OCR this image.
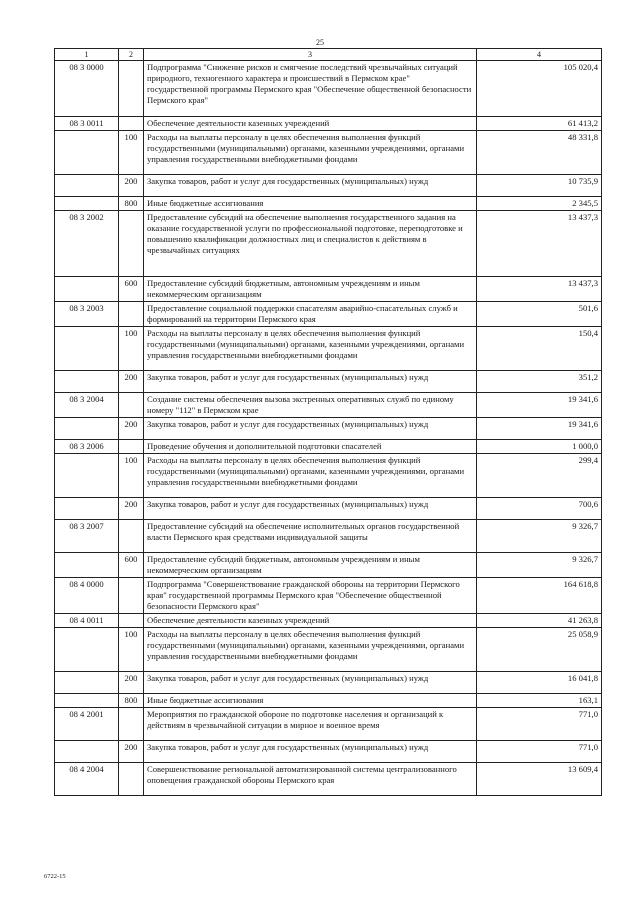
25
1	2	3	4
08 3 0000		Подпрограмма "Снижение рисков и смягчение последствий чрезвычайных ситуаций природного, техногенного характера и происшествий в Пермском крае" государственной программы Пермского края "Обеспечение общественной безопасности Пермского края"	105 020,4
08 3 0011		Обеспечение деятельности казенных учреждений	61 413,2
	100	Расходы на выплаты персоналу в целях обеспечения выполнения функций государственными (муниципальными) органами, казенными учреждениями, органами управления государственными внебюджетными фондами	48 331,8
	200	Закупка товаров, работ и услуг для государственных (муниципальных) нужд	10 735,9
	800	Иные бюджетные ассигнования	2 345,5
08 3 2002		Предоставление субсидий на обеспечение выполнения государственного задания на оказание государственной услуги по профессиональной подготовке, переподготовке и повышению квалификации должностных лиц и специалистов к действиям в чрезвычайных ситуациях	13 437,3
	600	Предоставление субсидий бюджетным, автономным учреждениям и иным некоммерческим организациям	13 437,3
08 3 2003		Предоставление социальной поддержки спасателям аварийно-спасательных служб и формирований на территории Пермского края	501,6
	100	Расходы на выплаты персоналу в целях обеспечения выполнения функций государственными (муниципальными) органами, казенными учреждениями, органами управления государственными внебюджетными фондами	150,4
	200	Закупка товаров, работ и услуг для государственных (муниципальных) нужд	351,2
08 3 2004		Создание системы обеспечения вызова экстренных оперативных служб по единому номеру "112" в Пермском крае	19 341,6
	200	Закупка товаров, работ и услуг для государственных (муниципальных) нужд	19 341,6
08 3 2006		Проведение обучения и дополнительной подготовки спасателей	1 000,0
	100	Расходы на выплаты персоналу в целях обеспечения выполнения функций государственными (муниципальными) органами, казенными учреждениями, органами управления государственными внебюджетными фондами	299,4
	200	Закупка товаров, работ и услуг для государственных (муниципальных) нужд	700,6
08 3 2007		Предоставление субсидий на обеспечение исполнительных органов государственной власти Пермского края средствами индивидуальной защиты	9 326,7
	600	Предоставление субсидий бюджетным, автономным учреждениям и иным некоммерческим организациям	9 326,7
08 4 0000		Подпрограмма "Совершенствование гражданской обороны на территории Пермского края" государственной программы Пермского края "Обеспечение общественной безопасности Пермского края"	164 618,8
08 4 0011		Обеспечение деятельности казенных учреждений	41 263,8
	100	Расходы на выплаты персоналу в целях обеспечения выполнения функций государственными (муниципальными) органами, казенными учреждениями, органами управления государственными внебюджетными фондами	25 058,9
	200	Закупка товаров, работ и услуг для государственных (муниципальных) нужд	16 041,8
	800	Иные бюджетные ассигнования	163,1
08 4 2001		Мероприятия по гражданской обороне по подготовке населения и организаций к действиям в чрезвычайной ситуации в мирное и военное время	771,0
	200	Закупка товаров, работ и услуг для государственных (муниципальных) нужд	771,0
08 4 2004		Совершенствование региональной автоматизированной системы централизованного оповещения гражданской обороны Пермского края	13 609,4
6722-15
